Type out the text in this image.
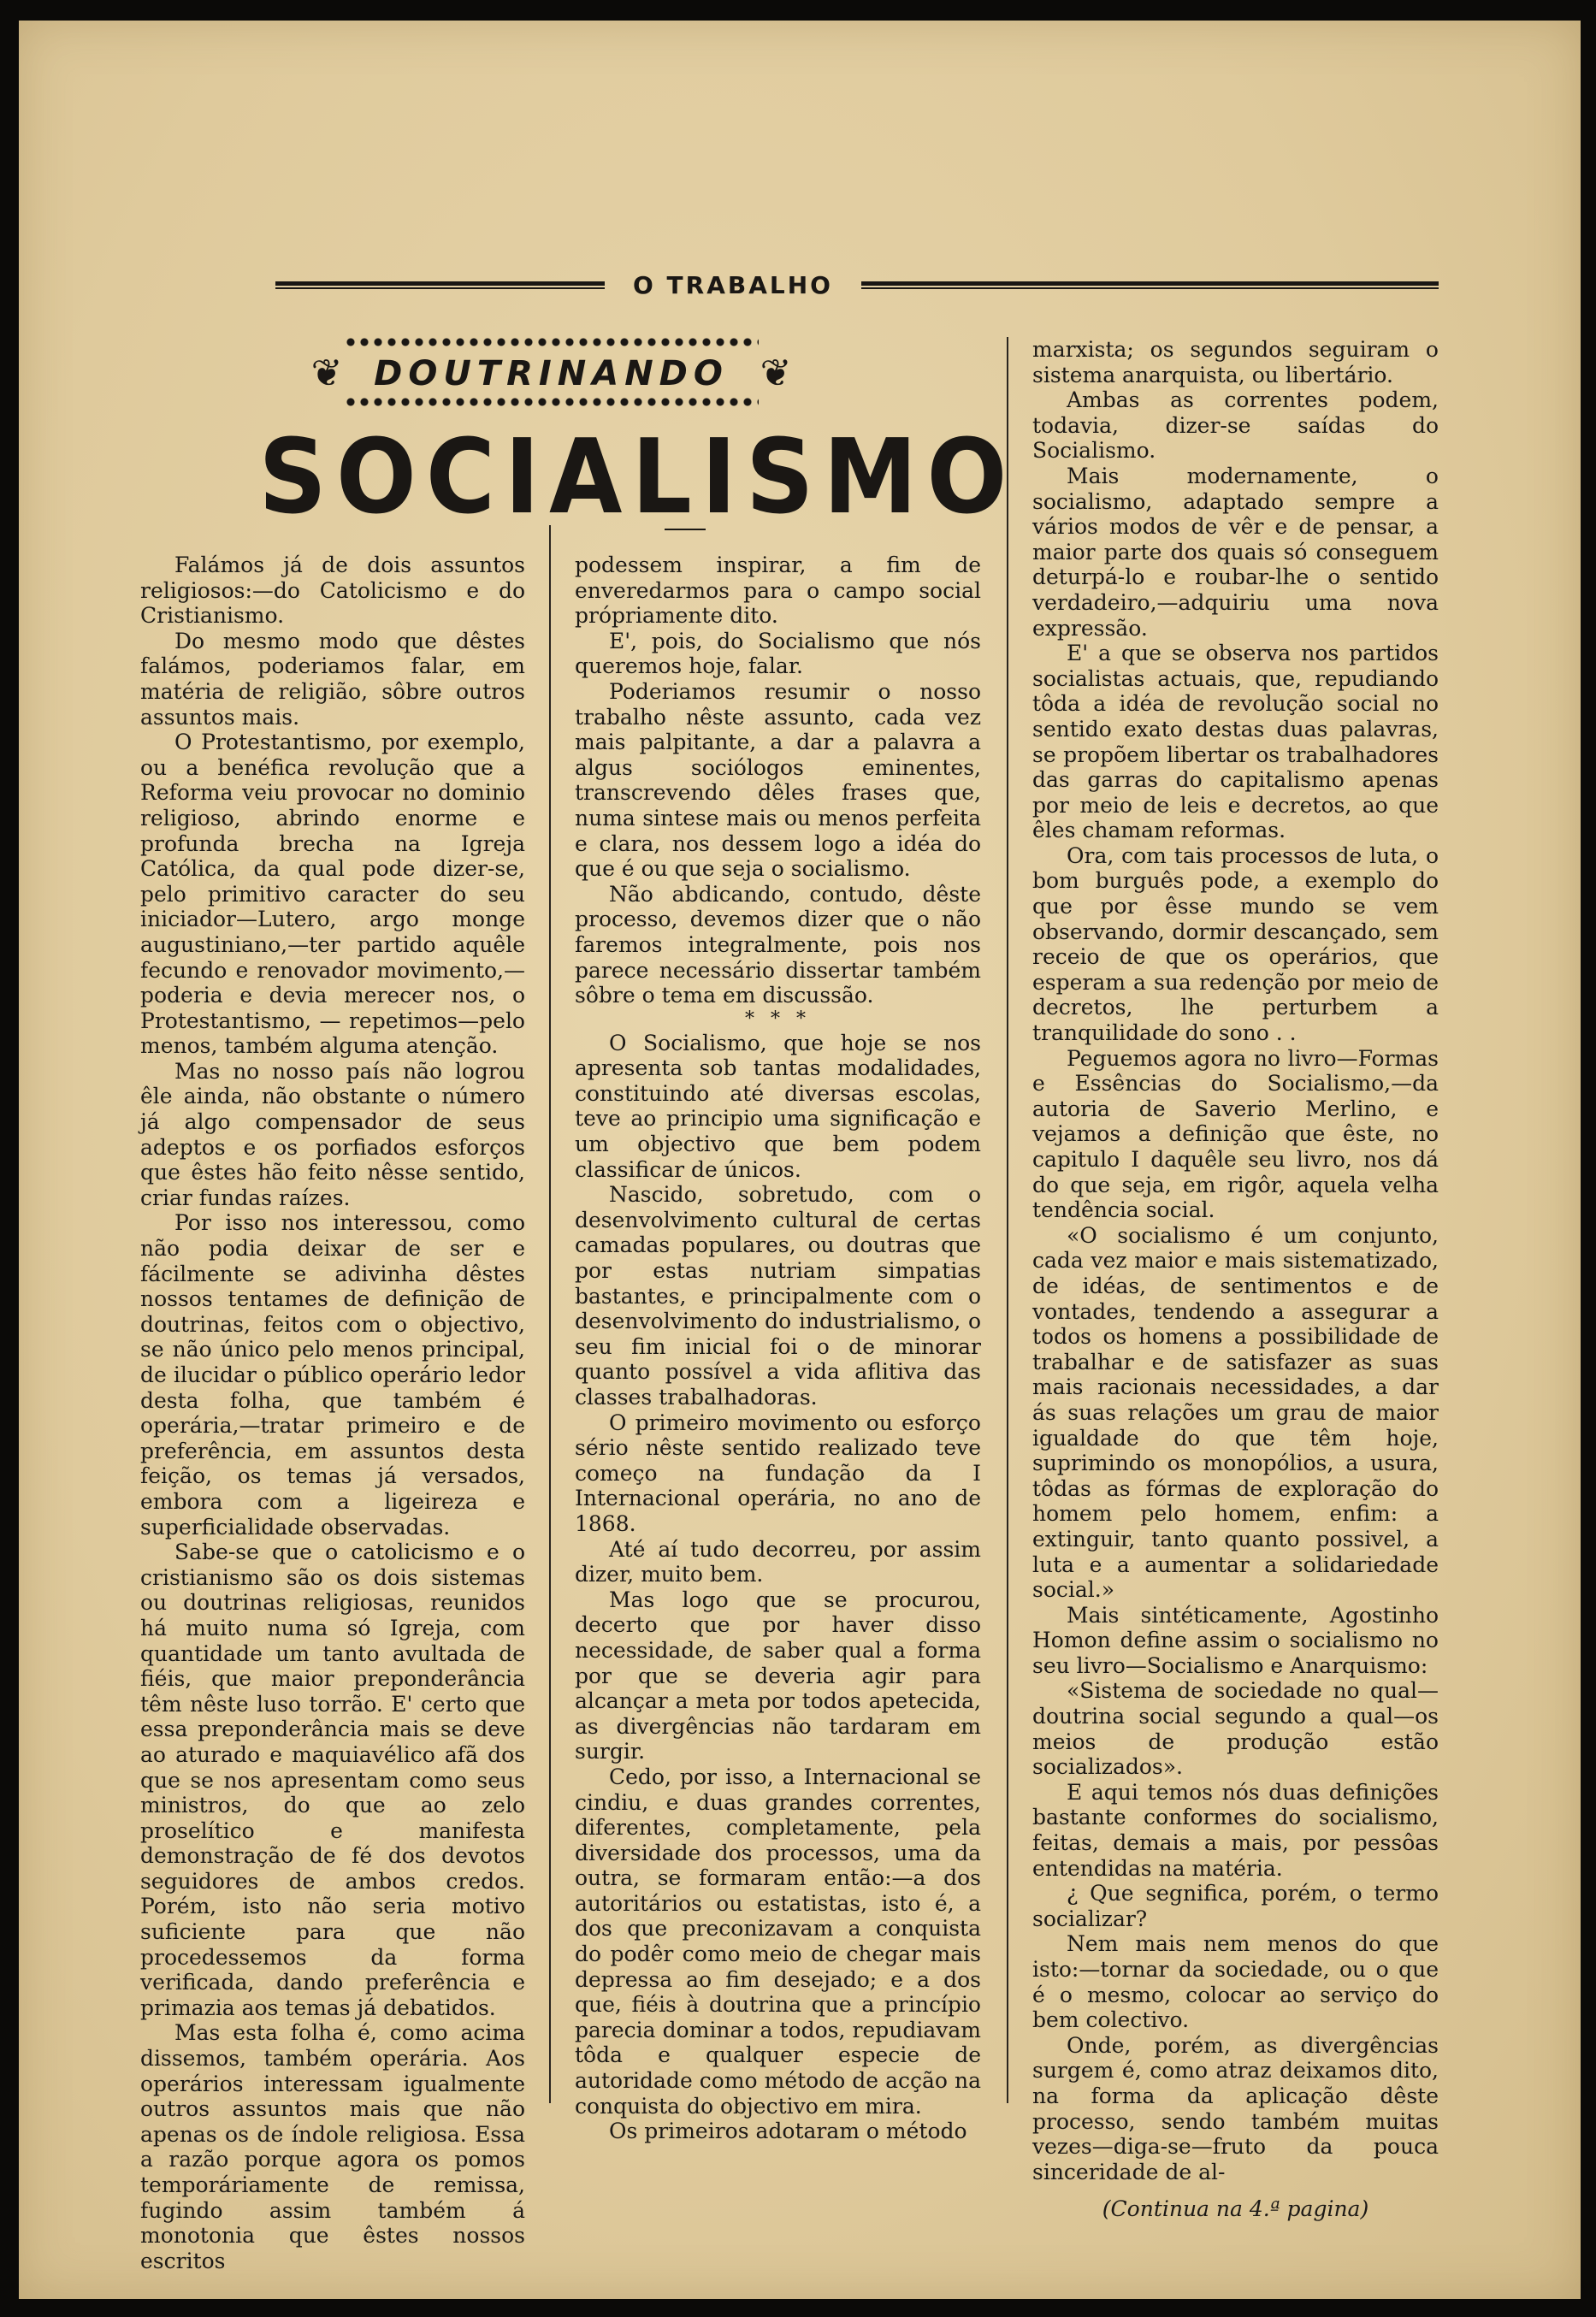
O TRABALHO
❦ DOUTRINANDO ❦
SOCIALISMO

Falámos já de dois assuntos religiosos:—do Catolicismo e do Cristianismo.

Do mesmo modo que dêstes falámos, poderiamos falar, em matéria de religião, sôbre outros assuntos mais.

O Protestantismo, por exemplo, ou a benéfica revolução que a Reforma veiu provocar no dominio religioso, abrindo enorme e profunda brecha na Igreja Católica, da qual pode dizer-se, pelo primitivo caracter do seu iniciador—Lutero, argo monge augustiniano,—ter partido aquêle fecundo e renovador movimento,—poderia e devia merecer nos, o Protestantismo, — repetimos—pelo menos, também alguma atenção.

Mas no nosso país não logrou êle ainda, não obstante o número já algo compensador de seus adeptos e os porfiados esforços que êstes hão feito nêsse sentido, criar fundas raízes.

Por isso nos interessou, como não podia deixar de ser e fácilmente se adivinha dêstes nossos tentames de definição de doutrinas, feitos com o objectivo, se não único pelo menos principal, de ilucidar o público operário ledor desta folha, que também é operária,—tratar primeiro e de preferência, em assuntos desta feição, os temas já versados, embora com a ligeireza e superficialidade observadas.

Sabe-se que o catolicismo e o cristianismo são os dois sistemas ou doutrinas religiosas, reunidos há muito numa só Igreja, com quantidade um tanto avultada de fiéis, que maior preponderância têm nêste luso torrão. E' certo que essa preponderância mais se deve ao aturado e maquiavélico afã dos que se nos apresentam como seus ministros, do que ao zelo proselítico e manifesta demonstração de fé dos devotos seguidores de ambos credos. Porém, isto não seria motivo suficiente para que não procedessemos da forma verificada, dando preferência e primazia aos temas já debatidos.

Mas esta folha é, como acima dissemos, também operária. Aos operários interessam igualmente outros assuntos mais que não apenas os de índole religiosa. Essa a razão porque agora os pomos temporáriamente de remissa, fugindo assim também á monotonia que êstes nossos escritos

podessem inspirar, a fim de enveredarmos para o campo social própriamente dito.

E', pois, do Socialismo que nós queremos hoje, falar.

Poderiamos resumir o nosso trabalho nêste assunto, cada vez mais palpitante, a dar a palavra a algus sociólogos eminentes, transcrevendo dêles frases que, numa sintese mais ou menos perfeita e clara, nos dessem logo a idéa do que é ou que seja o socialismo.

Não abdicando, contudo, dêste processo, devemos dizer que o não faremos integralmente, pois nos parece necessário dissertar também sôbre o tema em discussão.

* * *

O Socialismo, que hoje se nos apresenta sob tantas modalidades, constituindo até diversas escolas, teve ao principio uma significação e um objectivo que bem podem classificar de únicos.

Nascido, sobretudo, com o desenvolvimento cultural de certas camadas populares, ou doutras que por estas nutriam simpatias bastantes, e principalmente com o desenvolvimento do industrialismo, o seu fim inicial foi o de minorar quanto possível a vida aflitiva das classes trabalhadoras.

O primeiro movimento ou esforço sério nêste sentido realizado teve começo na fundação da I Internacional operária, no ano de 1868.

Até aí tudo decorreu, por assim dizer, muito bem.

Mas logo que se procurou, decerto que por haver disso necessidade, de saber qual a forma por que se deveria agir para alcançar a meta por todos apetecida, as divergências não tardaram em surgir.

Cedo, por isso, a Internacional se cindiu, e duas grandes correntes, diferentes, completamente, pela diversidade dos processos, uma da outra, se formaram então:—a dos autoritários ou estatistas, isto é, a dos que preconizavam a conquista do podêr como meio de chegar mais depressa ao fim desejado; e a dos que, fiéis à doutrina que a princípio parecia dominar a todos, repudiavam tôda e qualquer especie de autoridade como método de acção na conquista do objectivo em mira.

Os primeiros adotaram o método

marxista; os segundos seguiram o sistema anarquista, ou libertário.

Ambas as correntes podem, todavia, dizer-se saídas do Socialismo.

Mais modernamente, o socialismo, adaptado sempre a vários modos de vêr e de pensar, a maior parte dos quais só conseguem deturpá-lo e roubar-lhe o sentido verdadeiro,—adquiriu uma nova expressão.

E' a que se observa nos partidos socialistas actuais, que, repudiando tôda a idéa de revolução social no sentido exato destas duas palavras, se propõem libertar os trabalhadores das garras do capitalismo apenas por meio de leis e decretos, ao que êles chamam reformas.

Ora, com tais processos de luta, o bom burguês pode, a exemplo do que por êsse mundo se vem observando, dormir descançado, sem receio de que os operários, que esperam a sua redenção por meio de decretos, lhe perturbem a tranquilidade do sono . .

Peguemos agora no livro—Formas e Essências do Socialismo,—da autoria de Saverio Merlino, e vejamos a definição que êste, no capitulo I daquêle seu livro, nos dá do que seja, em rigôr, aquela velha tendência social.

«O socialismo é um conjunto, cada vez maior e mais sistematizado, de idéas, de sentimentos e de vontades, tendendo a assegurar a todos os homens a possibilidade de trabalhar e de satisfazer as suas mais racionais necessidades, a dar ás suas relações um grau de maior igualdade do que têm hoje, suprimindo os monopólios, a usura, tôdas as fórmas de exploração do homem pelo homem, enfim: a extinguir, tanto quanto possivel, a luta e a aumentar a solidariedade social.»

Mais sintéticamente, Agostinho Homon define assim o socialismo no seu livro—Socialismo e Anarquismo:

«Sistema de sociedade no qual—doutrina social segundo a qual—os meios de produção estão socializados».

E aqui temos nós duas definições bastante conformes do socialismo, feitas, demais a mais, por pessôas entendidas na matéria.

¿ Que segnifica, porém, o termo socializar?

Nem mais nem menos do que isto:—tornar da sociedade, ou o que é o mesmo, colocar ao serviço do bem colectivo.

Onde, porém, as divergências surgem é, como atraz deixamos dito, na forma da aplicação dêste processo, sendo também muitas vezes—diga-se—fruto da pouca sinceridade de al-

(Continua na 4.ª pagina)
